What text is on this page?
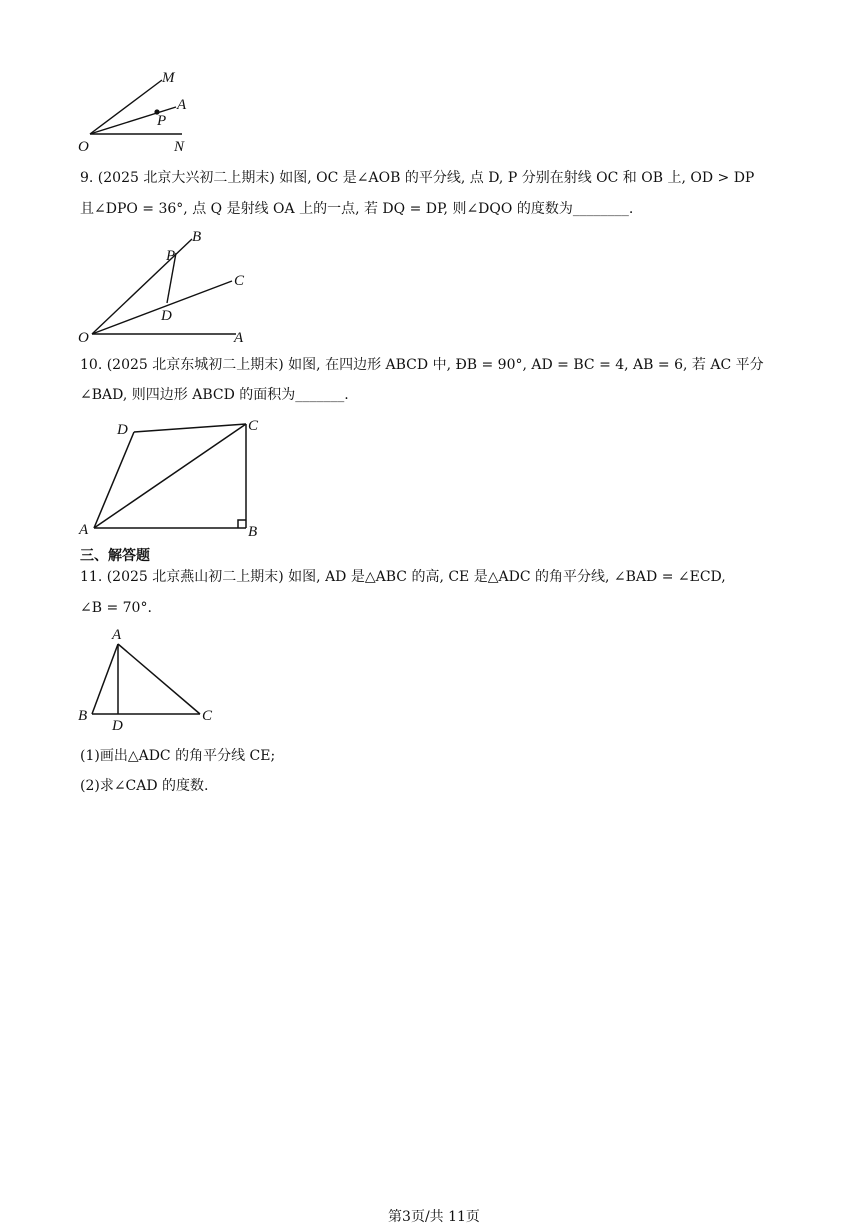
M
A
P
O	N
9. (2025 北京大兴初二上期末) 如图, OC 是∠AOB 的平分线, 点 D, P 分别在射线 OC 和 OB 上, OD > DP
且∠DPO = 36°, 点 Q 是射线 OA 上的一点, 若 DQ = DP, 则∠DQO 的度数为________.
B
P
C
D
O	A
10. (2025 北京东城初二上期末) 如图, 在四边形 ABCD 中, ÐB = 90°, AD = BC = 4, AB = 6, 若 AC 平分
∠BAD, 则四边形 ABCD 的面积为_______.
D	C
A	B
三、解答题
11. (2025 北京燕山初二上期末) 如图, AD 是△ABC 的高, CE 是△ADC 的角平分线, ∠BAD = ∠ECD,
∠B = 70°.
A
B
D
C
(1)画出△ADC 的角平分线 CE;
(2)求∠CAD 的度数.
第3页/共 11页
